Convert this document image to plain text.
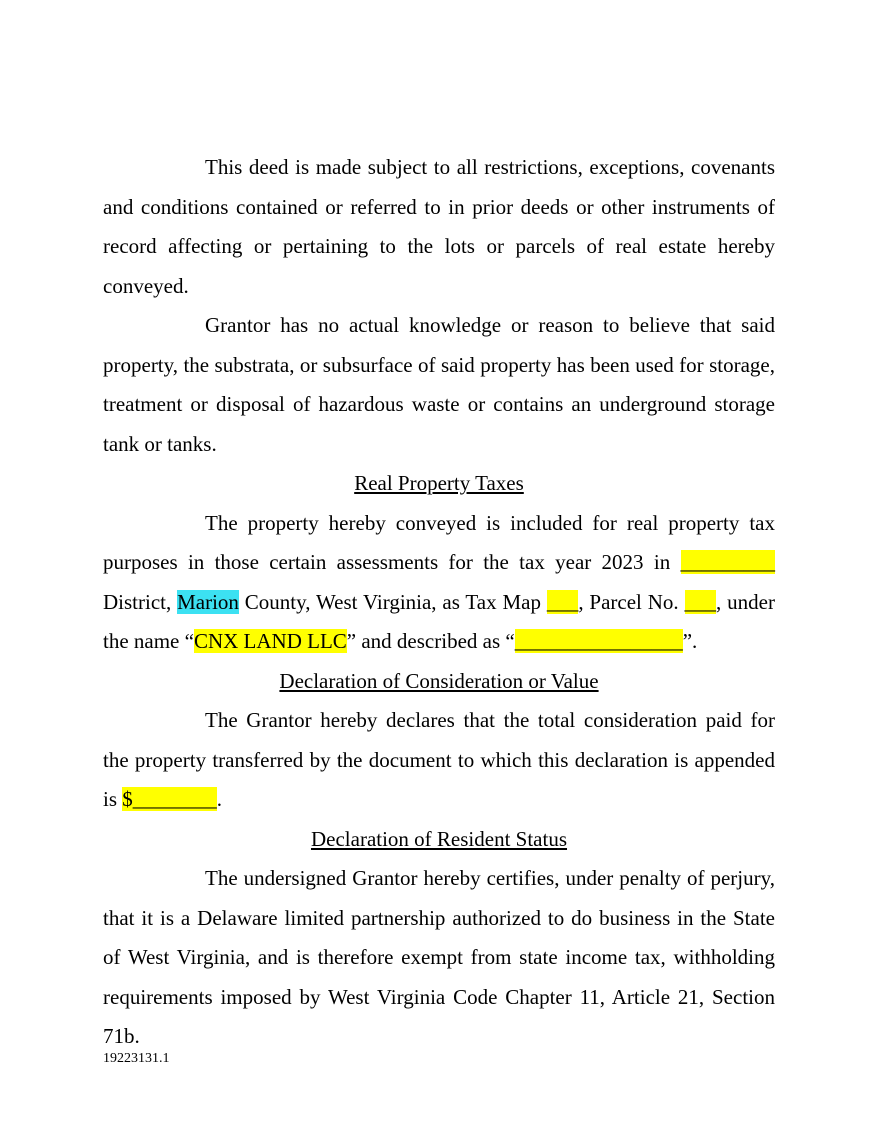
This deed is made subject to all restrictions, exceptions, covenants and conditions contained or referred to in prior deeds or other instruments of record affecting or pertaining to the lots or parcels of real estate hereby conveyed.

Grantor has no actual knowledge or reason to believe that said property, the substrata, or subsurface of said property has been used for storage, treatment or disposal of hazardous waste or contains an underground storage tank or tanks.

Real Property Taxes

The property hereby conveyed is included for real property tax purposes in those certain assessments for the tax year 2023 in _________ District, Marion County, West Virginia, as Tax Map ___, Parcel No. ___, under the name “CNX LAND LLC” and described as “________________”.

Declaration of Consideration or Value

The Grantor hereby declares that the total consideration paid for the property transferred by the document to which this declaration is appended is $________.

Declaration of Resident Status

The undersigned Grantor hereby certifies, under penalty of perjury, that it is a Delaware limited partnership authorized to do business in the State of West Virginia, and is therefore exempt from state income tax, withholding requirements imposed by West Virginia Code Chapter 11, Article 21, Section 71b.

19223131.1
